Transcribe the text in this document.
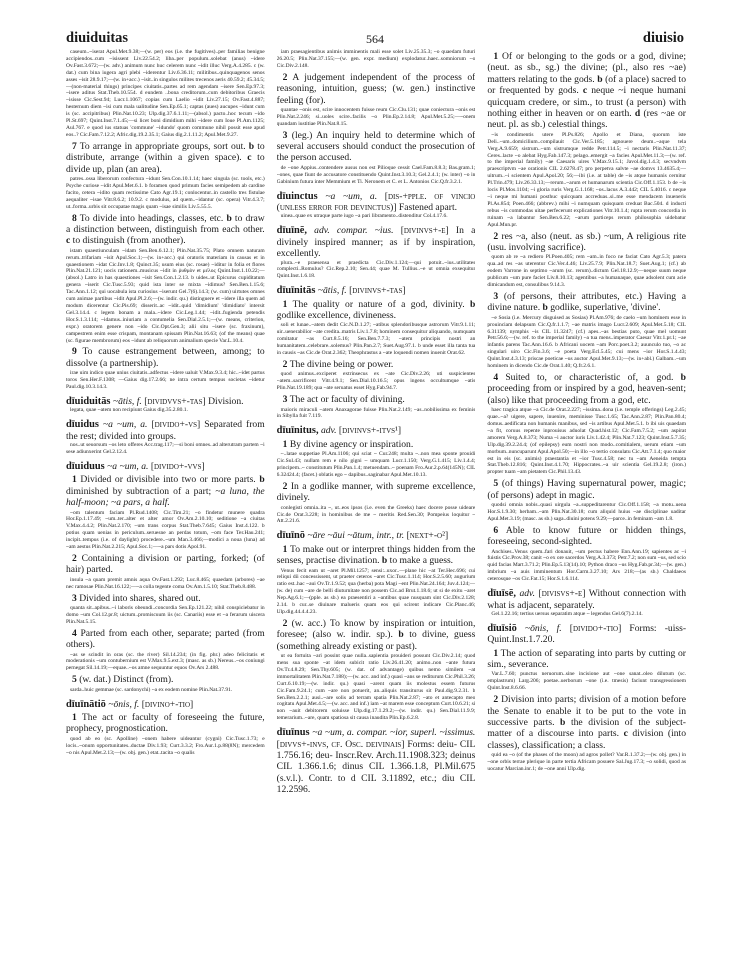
diuiduitas	564	diuisio

caseum..~iserat Apul.Met.9.38;—(w. per) eos (i.e. the fugitives)..per familias benigne accipiendos..cum ~isissent Liv.22.54.2; liba..per populum..solebat (anus) ~idere Ov.Fast.3.672;—(w. adv.) animum nunc huc celerem nunc ~idit illuc Verg.A.4.285. c (w. dat.) cum bina iugera agri plebi ~iderentur Liv.6.36.11; militibus..quinquagenos senos asses ~isit 28.9.17;—(w. in+acc.) ~isit..in singulos milites trecenos aeris 40.59.2; 45.34.5;—(non-material things) principes ciuitatis..partes ad rem agendam ~isere Sen.Ep.97.3; ~isere aditus Stat.Theb.10.554. d eundem ..bona creditorum..cum debitoribus Graecis ~isisse Cic.Sest.94; Lucr.1.1067; copias cum Laelio ~idit Liv.27.15; Ov.Fast.4.887; hesternum diem ~isi cum mala ualitudine Sen.Ep.65.1; captas (aues) aucupes ~idunt cum is (sc. accipitribus) Plin.Nat.10.23; Ulp.dig.37.6.1.11;—(absol.) pacto..hoc tecum ~ido Pl.St.697; Quint.Inst.7.1.45;—si licet boni dimidium mihi ~idere cum Ioue Pl.Am.1125; Aul.767. e quod ius statuas 'commune' ~idundo' quom commune nihil possit esse apud eos..? Cic.Fam.7.12.2; Afric.dig.19.2.35.1; Gaius dig.2.1.11.2; Apul.Met.9.27.

7 To arrange in appropriate groups, sort out. b to distribute, arrange (within a given space). c to divide up, plan (an area).

patres..ossa liberorum confectura ~idunt Sen.Con.10.1.14; haec singula (sc. tools, etc.) Psyche curiose ~idit Apul.Met.6.1. b foramen quod primum facies semipedem ab cardine facito, cetera ~idito quam rectissime Cato Agr.19.1; conlocentur..in castello tres fistulae aequaliter ~isae Vitr.8.6.2; 10.9.2. c modulus, ad quem..~idantur (sc. opera) Vitr.4.3.7; ut..forma..urbis sit occupatae magis quam ~isae similis Liv.5.55.5.

8 To divide into headings, classes, etc. b to draw a distinction between, distinguish from each other. c to distinguish (from another).

istam quaestiunculam ~idam Sen.Ben.6.12.1; Plin.Nat.35.75; Plato omnem naturam rerum..trifariam ~isit Apul.Soc.1;—(w. in+acc.) qui oratoris materiam in causas et in quaestionem ~idat Cic.Inv.1.8; Quinct.35; usum eius (sc. rosae) ~iditur in folia et flores Plin.Nat.21.121; uocis rationem..musicus ~idit in ῥυθμὸν et μέλος Quint.Inst.1.10.22;—(absol.) Latro in has quaestiones ~isit Sen.Con.1.2.13. b uides..ut Epicurus cupiditatum genera ~iserit Cic.Tusc.5.93; quid ista inter se mixta ~idimus? Sen.Ben.1.15.6; Tac.Ann.1.12; qui uocabula ista curiosius ~iserunt Gel.7(6).14.3; (w. cum) uirtutes omnes cum animae partibus ~idit Apul.Pl.2.6;—(w. indir. qu.) distinguere et ~idere illa quem ad modum dicerentur Cic.Pis.69; disserit..ac ~idit..quid 'dimidium' 'dimidiato' intersit Gel.3.14.4. c legem bonam a mala..~idere Cic.Leg.1.44; ~idit..fugienda petendis Hor.S.1.3.114; ~idamus..iniuriam a contumelia Sen.Dial.2.5.1;—(w. means, criterion, expr.) oratorem genere non ~ido Cic.Opt.Gen.3; alii situ ~isere (sc. fraxinum), campestrem enim esse crispam, montanam spissam Plin.Nat.16.63; (of the means) quae (sc. figurae membrorum) eos ~idunt ab reliquorum animalium specie Var.L.10.4.

9 To cause estrangement between, among; to dissolve (a partnership).

irae uim indico quae unius ciuitatis..adfectus ~idere ualuit V.Max.9.3.4; hic..~idet partus toros Sen.Her.F.1308; —Gaius dig.17.2.66; ne intra certum tempus societas ~idetur Paul.dig.10.3.14.3.

dīuiduitās ~ātis, f. [dividvvs+-tas] Division.

legata, quae ~atem non recipiunt Gaius dig.35.2.80.1.

dīuidus ~a ~um, a. [divido+-vs] Separated from the rest; divided into groups.

nos..ut seuorsum ~os leto offeres Acc.trag.117;—si boni omnes..ad alterutram partem ~i sese adiunxerint Gel.2.12.4.

dīuiduus ~a ~um, a. [divido+-vvs]

1 Divided or divisible into two or more parts. b diminished by subtraction of a part; ~a luna, the half-moon; ~a pars, a half.

~om talentum faciam Pl.Rud.1408; Cic.Tim.21; ~o findetur munere quadra Hor.Ep.1.17.49; ~um..ter..alter et alter amor Ov.Am.2.10.10; seditione ~a ciuitas V.Max.4.4.2; Plin.Nat.2.170; ~um trans corpus Stat.Theb.7.645; Gaius Inst.4.122. b potius quam uenias in periculum..seruesne an perdas totum, ~om face Ter.Hau.241; incipit..tempus (i.e. of daylight) procedere..~um Man.3.466;—modici a noua (luna) ad ~am aestus Plin.Nat.2.215; Apul.Soc.1;—~a pars dotis Apol.91.

2 Containing a division or parting, forked; (of hair) parted.

insula ~a quam premit amnis aqua Ov.Fast.1.292; Luc.8.465; quaedam (arbores) ~ae nec ramosae Plin.Nat.16.122;—~a colla tegente coma Ov.Am.1.5.10; Stat.Theb.8.488.

3 Divided into shares, shared out.

quanta sit..apibus..~i laboris obeundi..concordia Sen.Ep.121.22; nihil conspiciebatur in domo ~um Col.12.pr.8; uictum..promiscuum iis (sc. Canariis) esse et ~a ferarum uiscera Plin.Nat.5.15.

4 Parted from each other, separate; parted (from others).

~as se scindit in oras (sc. the river) Sil.14.234; (in fig. phr.) adeo felicitatis et moderationis ~um contubernium est V.Max.9.5.ext.3; (masc. as sb.) Nereus..~os coniungi pernegat Sil.14.19;—equae..~os amne sequuntur equos Ov.Ars 2.488.

5 (w. dat.) Distinct (from).

sarda..huic gemmae (sc. sardonychi) ~a ex eodem nomine Plin.Nat.37.91.

dīuīnātiō ~ōnis, f. [divino+-tio]

1 The act or faculty of foreseeing the future, prophecy, prognostication.

quod ab eo (sc. Apolline) ~onem habere uideantur (cygni) Cic.Tusc.1.73; e locis..~onum opportunitates..ductae Div.1.93; Curt.3.3.2; Fro.Aur.1.p.88(8N); mercedem ~o nis Apul.Met.2.13;—(w. obj. gen.) etat..tacita ~o qualis

iam praesagientibus animis imminentis mali esse solet Liv.25.35.3; ~o quaedam futuri 26.20.5; Plin.Nat.37.155;—(w. gen. expr. medium) explodatur..haec..somniorum ~o Cic.Div.2.148.

2 A judgement independent of the process of reasoning, intuition, guess; (w. gen.) instinctive feeling (for).

quantae ~onis est, scire innocentem fuisse reum Cic.Clu.131; quae coniectura ~onis est Plin.Nat.2.246; si..uoles scire..facilis ~o Plin.Ep.2.14.8; Apul.Met.5.25;—~onem quandam iustitiae Plin.Nat.8.15.

3 (leg.) An inquiry held to determine which of several accusers should conduct the prosecution of the person accused.

de ~one Appius..contendere ausus non est Pilioque cessit Cael.Fam.8.8.3; Bas.gram.1; ~ones, quae fiunt de accusatore constituendo Quint.Inst.3.10.3; Gel.2.4.1; (w. inter) ~o in Gabinium futura inter Memmium et Ti. Neronem et C. et L. Antonios Cic.Q.fr.3.2.1.

dīuinctus ~a ~um, a. [dis-+pple. of vincio (unless error for devinctus)] Fastened apart.

uinea..quae ex utraque parte iugo ~a pari libramento..distenditur Col.4.17.6.

dīuīnē, adv. compar. ~ius. [divinvs+-e] In a divinely inspired manner; as if by inspiration, excellently.

plura..~e praesensa et praedicta Cic.Div.1.124;—qui potuit..~ius..utilitates complecti..Romulus? Cic.Rep.2.10; Sen.44; quae M. Tullius..~e ut omnia exsequitur Quint.Inst.1.6.18.

dīuīnitās ~ātis, f. [divinvs+-tas]

1 The quality or nature of a god, divinity. b godlike excellence, divineness.

soli et lunae..~atem dedit Cic.N.D.1.27; ~atibus splendoribusque astrorum Vitr.9.1.11; uir..uenerabilior ~ate credita..matris Liv.1.7.8; hominem consequitur aliquando, numquam comitatur ~as Curt.8.5.16; Sen.Ben.7.7.3; ~atem principis nostri an humanitatem..celebrare..solemus? Plin.Pan.2.7; Suet.Aug.97.1. b unde esset illa tanta tua in causis ~as Cic.de Orat.2.362; Theophrastus a ~ate loquendi nomen inuenit Orat.62.

2 The divine being or power.

quod animus..exciperet extrinsecus ex ~ate Cic.Div.2.26; uti suspicientes ~atem..sacrificent Vitr.4.9.1; Sen.Dial.10.16.5; opus ingens occultumque ~atis Plin.Nat.19.189; qua ~ate seruatus esset Hyg.Fab.94.7.

3 The act or faculty of divining.

maioris miraculi ~atem Anaxagorae fuisse Plin.Nat.2.149; ~as..nobilissima ex feminis in Sibylla fuit 7.119.

dīuīnitus, adv. [divinvs+-itvs¹]

1 By divine agency or inspiration.

~..latae suppetiae Pl.Am.1106; qui sciat ~ Cur.248; multa ~..non mea sponte prouidi Cic.Sul.43; nullam rem e nilo gigni ~ umquam Lucr.1.150; Verg.G.1.415; Liv.1.4.4; principem..~ constitutum Plin.Pan.1.4; metuendam..~ poenam Fro.Aur.2.p.64(145N); CIL 6.32424.4; (facet.) oblatis ego ~ dapibus..saginabar Apul.Met.10.13.

2 In a godlike manner, with supreme excellence, divinely.

conlegisti omnia..ita ~, ut..eos ipsos (i.e. even the Greeks) haec docere posse uideare Cic.de Orat.3.228; in hominibus de me ~ meritis Red.Sen.30; Pompeius loquitur ~ Att.2.21.6.

dīuīnō ~āre ~āui ~ātum, intr., tr. [next+-o²]

1 To make out or interpret things hidden from the senses, practise divination. b to make a guess.

Venus fecit eam ut ~aret Pl.Mil.1257; sensi:..uxor..—plane hic ~at Ter.Hec.696; cui reliqui dii concessissent, ut praeter ceteros ~aret Cic.Tusc.1.114; Hor.S.2.5.60; augurium ratio est..hac ~aui Ov.Tr.1.9.52; qua (herba) pota Magi ~ent Plin.Nat.24.164; Juv.4.124;—(w. de) cum ~are de belli diuturnitate non possem Cic.ad Brut.1.18.6; ut si de exitu ~aret Nep.Ag.6.1;—(pple. as sb.) ea praesentiri a ~antibus quae nusquam sint Cic.Div.2.128; 2.14. b cur..se diuinare malueris quam eos qui scirent indicare Cic.Planc.46; Ulp.dig.44.4.4.23.

2 (w. acc.) To know by inspiration or intuition, foresee; (also w. indir. sp.). b to divine, guess (something already existing or past).

ut ea fortuita ~ari possint quae nulla..sapientia prouideri possunt Cic.Div.2.14; quod mens sua sponte ~at idem subicit ratio Liv.26.41.20; animo..non ~ante futura Ov.Tr.4.8.29; Sen.Thy.605; (w. dat. of advantage) quibus nemo similem ~at immortalitatem Plin.Nat.7.188);—(w. acc. and inf.) quasi ~ans se rediturum Cic.Phil.3.26; Curt.6.10.19;—(w. indir. qu.) quasi ~arent quam iis molestus essem futurus Cic.Fam.9.24.1; cum ~are non potuerit, an..aliquis transiturus sit Paul.dig.9.2.31. b Sen.Ben.2.2.1; ausi..~are solis ad terram spatia Plin.Nat.2.87; ~ato et antecapto meo cogitatu Apul.Met.4.5;—(w. acc. and inf.) iam ~at marem esse conceptum Curt.10.6.21; si non ~auit debitorem soluisse Ulp.dig.17.1.29.2;—(w. indir. qu.) Sen.Dial.11.9.9; temerarium..~are, quam spatiosa sit causa inaudita Plin.Ep.6.2.8.

dīuīnus ~a ~um, a. compar. ~ior, superl. ~issimus. [divvs+-invs, cf. Osc. deivinais] Forms: deiu- CIL 1.756.16; deu- Inscr.Rev. Arch.11.1908.323; deinus CIL 1.366.1.6; dinus CIL 1.366.1.8, Pl.Mil.675 (s.v.l.). Contr. to d CIL 3.11892, etc.; diu CIL 12.2596.

1 Of or belonging to the gods or a god, divine; (neut. as sb., sg.) the divine; (pl., also res ~ae) matters relating to the gods. b (of a place) sacred to or frequented by gods. c neque ~i neque humani quicquam credere, or sim., to trust (a person) with nothing either in heaven or on earth. d (res ~ae or neut. pl. as sb.) celestial things.

~is condimentis utere Pl.Ps.826; Apollo et Diana, quorum iste Deli..~um..domicilium..compilauit Cic.Ver.5.185; agnouere deum..~aque tela Verg.A.9.659; sistrum..~um sistrumque redde Petr.114.5; ~i nectaris Plin.Nat.11.37; Ceres..lacte ~o alebat Hyg.Fab.147.3; pelago..emergit ~a facies Apul.Met.11.3;—(w. ref. to the imperial family) ~ae Caesaris uires V.Max.9.15.1; Javol.dig.1.4.3; secvndvm praescriptvm ~ae orationis CIL 2.6278.47; pro perpetva salvte ~ae domvs 13.4635.4;—uitrum..~i scientem Apul.Apol.20; 56;—ibi (i.e. at table) de ~is atque humanis cernitur Pl.Trin.479; Liv.26.33.13;—rerum..~arum et humanarum scientia Cic.Off.1.153. b de ~is locis Pl.Mos.1104; ~i gloria ruris Verg.G.1.168; ~os..lacus A.3.442; CIL 5.4016. c neque ~i neque mi humani posthuc quicquam accreduas..si..me esse mendacem inueneris Pl.As.854; Poen.466; (abbrev.) mihi ~i numquam quisquam creduat Bac.504. d inducti rebus ~is commodas uitae perfecerunt explicationes Vitr.10.1.4; rupta rerum concordia in ruinam ~a labantur Sen.Ben.6.22; ~arum particeps rerum philosophia uidebatur Apul.Mun.pr.

2 res ~a, also (neut. as sb.) ~um, A religious rite (usu. involving sacrifice).

quom ab re ~a rediero Pl.Poen.405; rem ~am..in foco ne faciat Cato Agr.5.3; patera qua..ad res ~as uterentur Cic.Ver.4.46; Liv.25.7.9; Plin.Nat.18.7; Suet.Aug.1; (cf.) ab eodem Varrone in septimo ~arum (sc. rerum)..dictum Gel.18.12.9;—neque suum neque publicum ~um pure faciet Liv.8.10.13; agentibus ~a humanaque, quae adsolent cum acie dimicandum est, consulibus 9.14.3.

3 (of persons, their attributes, etc.) Having a divine nature. b godlike, superlative, 'divine'.

~e Sosia (i.e. Mercury disguised as Sosias) Pl.Am.976; de caelo ~um hominem esse in prouinciam delapsum Cic.Q.fr.1.1.7; ~ae matris imago Lucr.2.609; Apul.Met.5.18; CIL 6.31139; nymphis ~is CIL 11.3247; (cf.) apes..~as bestias puto, quae mel uomunt Petr.56.6;—(w. ref. to the imperial family) ~a tua mens..imperator Caesar Vitr.1.pr.1; ~ae infantis parens Tac.Ann.16.6. b Africani uocem ~am Porc.poet.3.2; auunculo tuo, ~o ac singulari uiro Cic.Fin.3.6; ~e poeta Verg.Ecl.5.45; cui mens ~ior Hor.S.1.4.43; Quint.Inst.4.3.13; priscae poeticae ~us auctor Apul.Met.9.13;—(w. in+abl.) Galbam..~um hominem in dicendo Cic.de Orat.1.40; Q.fr.2.6.1.

4 Suited to, or characteristic of, a god. b proceeding from or inspired by a god, heaven-sent; (also) like that proceeding from a god, etc.

haec tragica atque ~a Cic.de Orat.2.227; ~issima..dona (i.e. temple offerings) Leg.2.45; quae..~a? uigere, sapere, inuenire, meminisse Tusc.1.65; Tac.Ann.2.87; Plin.Pan.80.4; domus..aedificata non humanis manibus, sed ~is artibus Apul.Met.5.1. b ibi uis quaedam ~a fit, coruus repente inprouisus aduolat Quad.hist.12; Cic.Fam.7.5.2; ~um aspirat amorem Verg.A.8.373; Numa ~i auctor iuris Liv.1.42.4; Plin.Nat.7.123; Quint.Inst.5.7.35; Ulp.dig.39.2.24.4; (of epilepsy) eum nostri non modo..comitialem, uerum etiam ~um morbum..nuncuparunt Apul.Apol.50;—in illo ~o tertio consulatu Cic.Att.7.1.4; quo maior est in eis (sc. animis) praestantia et ~ior Tusc.4.58; nec tu ~am Aeneida tempta Stat.Theb.12.816; Quint.Inst.4.1.70; Hippocrates..~a uir scientia Gel.19.2.8; (iron.) propter tuam ~am pietatem Cic.Phil.13.43.

5 (of things) Having supernatural power, magic; (of persons) adept in magic.

quodsi omnia nobis..quasi uirgula ~a..suppeditarentur Cic.Off.1.158; ~a motu..uena Hor.S.1.9.30; herbam..~am Plin.Nat.30.18; cum aliquid huius ~ae disciplinae uaditar Apul.Met.3.19; (masc. as sb.) saga..diuini potens 9.29;—parce..in feminam ~am 1.8.

6 Able to know future or hidden things, foreseeing, second-sighted.

Anchises..Venus quem..fari donauit, ~um pectus habere Enn.Ann.19; sapientes ac ~i fuistis Cic.Prov.38; canit ~o ex ore sacerdos Verg.A.3.373; Petr.7.2; non sum ~us, sed scio quid facias Mart.3.71.2; Plin.Ep.5.13(14).10; Python draco ~us Hyg.Fab.pr.34;—(w. gen.) imbrium ~a auis imminentum Hor.Carm.3.27.10; Ars 218;—(as sb.) Chaldaeos ceterosque ~os Cic.Fat.15; Hor.S.1.6.114.

dīuīsē, adv. [divisvs+-e] Without connection with what is adjacent, separately.

Gel.1.22.16; tertius uersus separatim atque ~ legendus Gel.6(7).2.14.

dīuīsiō ~ōnis, f. [divido+-tio] Forms: -uiss- Quint.Inst.1.7.20.

1 The action of separating into parts by cutting or sim., severance.

Var.L.7.60; punctus neruorum..sine incisione aut ~one sanat..oleo dilutum (sc. emplastrum) Larg.206; poetae..uerborum ~one (i.e. tmesis) faciunt transgressionem Quint.Inst.8.6.66.

2 Division into parts; division of a motion before the Senate to enable it to be put to the vote in successive parts. b the division of the subject-matter of a discourse into parts. c division (into classes), classification; a class.

quid ea ~o (of the phases of the moon) ad agros pollet? Var.R.1.37.2;—(w. obj. gen.) in ~one orbis terrae plerique in parte tertia Africam posuere Sal.Jug.17.3; ~o solidi, quod as uocatur Marcian.inr.1; de ~one anni Ulp.dig.
